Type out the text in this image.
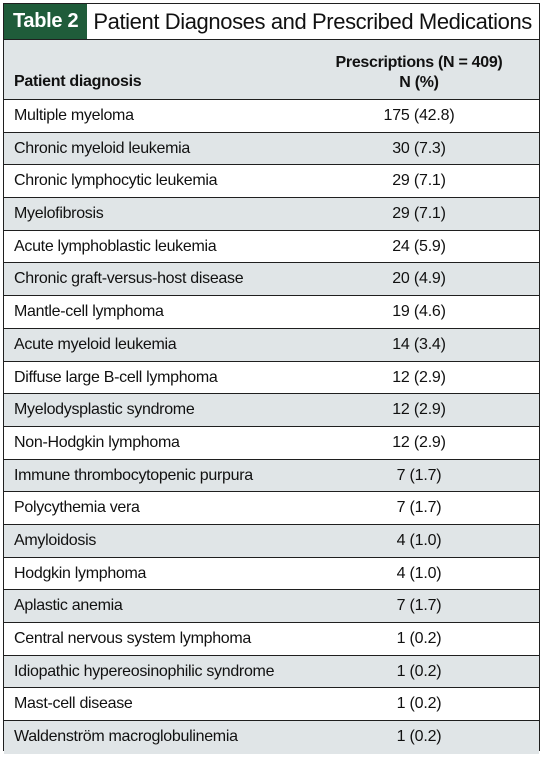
Table 2 Patient Diagnoses and Prescribed Medications
Patient diagnosis
Prescriptions (N = 409)
N (%)
Multiple myeloma	175 (42.8)
Chronic myeloid leukemia	30 (7.3)
Chronic lymphocytic leukemia	29 (7.1)
Myelofibrosis	29 (7.1)
Acute lymphoblastic leukemia	24 (5.9)
Chronic graft-versus-host disease	20 (4.9)
Mantle-cell lymphoma	19 (4.6)
Acute myeloid leukemia	14 (3.4)
Diffuse large B-cell lymphoma	12 (2.9)
Myelodysplastic syndrome	12 (2.9)
Non-Hodgkin lymphoma	12 (2.9)
Immune thrombocytopenic purpura	7 (1.7)
Polycythemia vera	7 (1.7)
Amyloidosis	4 (1.0)
Hodgkin lymphoma	4 (1.0)
Aplastic anemia	7 (1.7)
Central nervous system lymphoma	1 (0.2)
Idiopathic hypereosinophilic syndrome	1 (0.2)
Mast-cell disease	1 (0.2)
Waldenström macroglobulinemia	1 (0.2)
